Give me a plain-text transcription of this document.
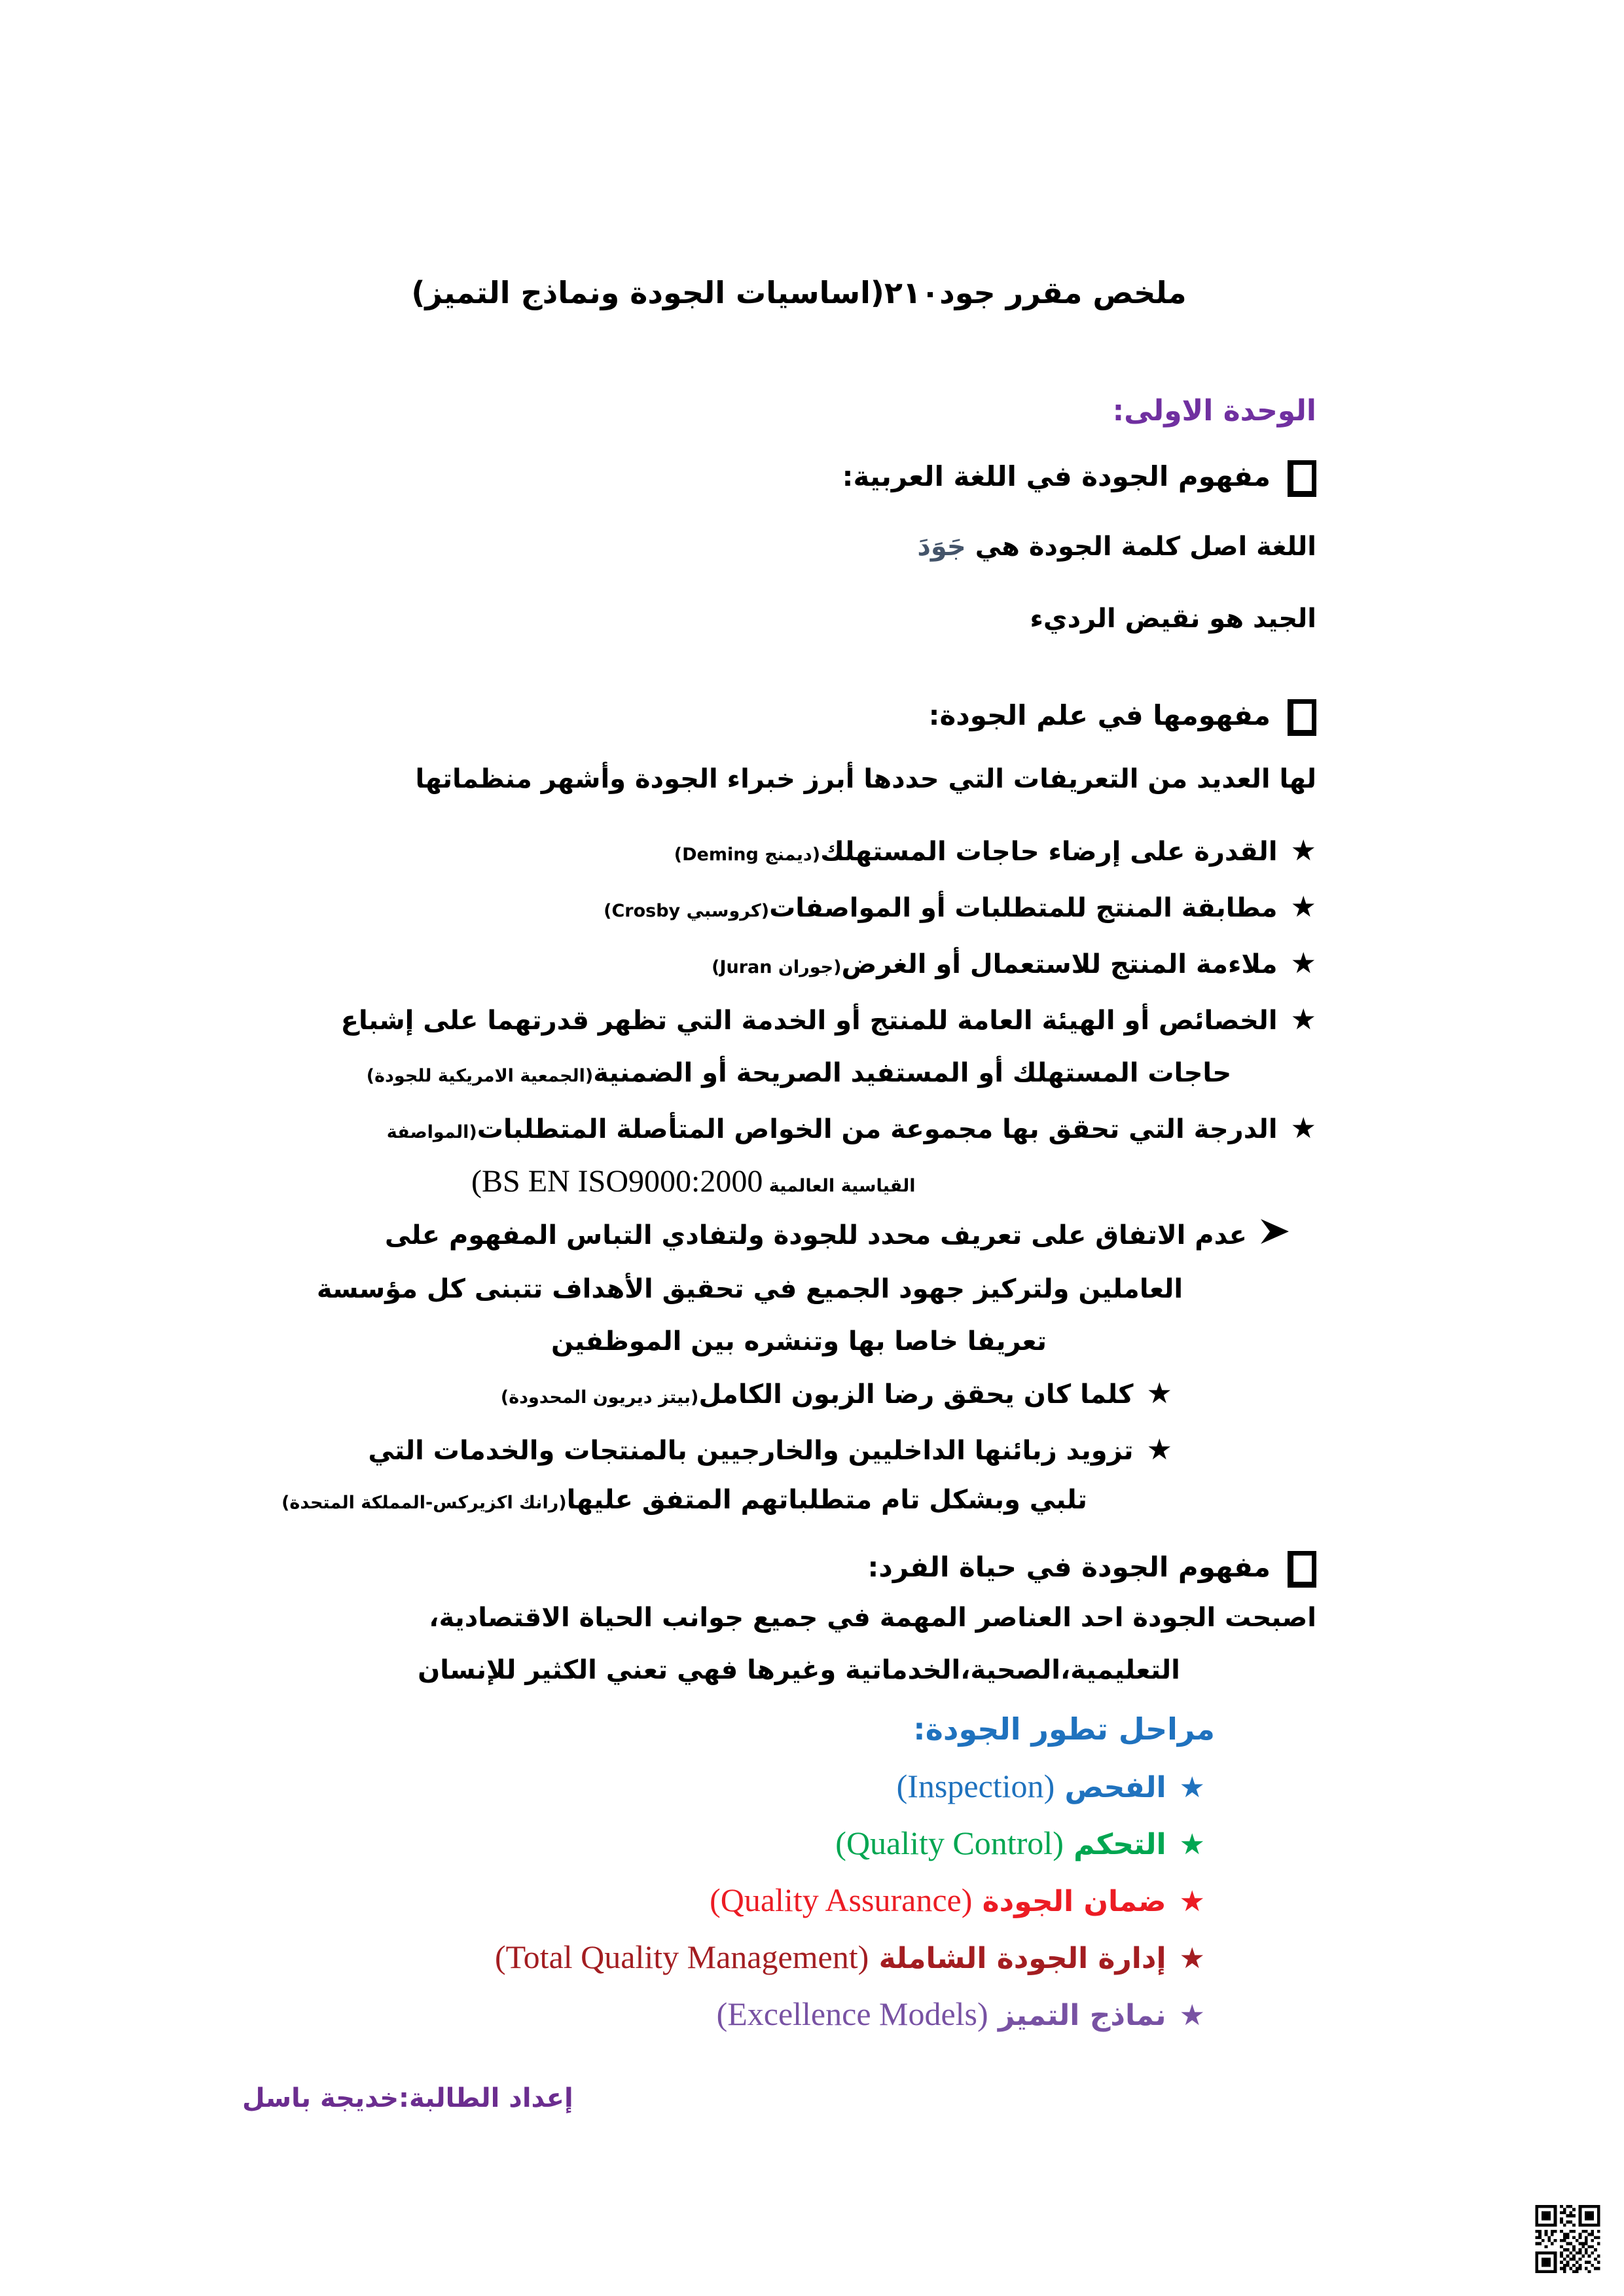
ملخص مقرر جود٢١٠(اساسيات الجودة ونماذج التميز)
الوحدة الاولى:
مفهوم الجودة في اللغة العربية:
اللغة اصل كلمة الجودة هي جَوَدَ
الجيد هو نقيض الرديء
مفهومها في علم الجودة:
لها العديد من التعريفات التي حددها أبرز خبراء الجودة وأشهر منظماتها
★القدرة على إرضاء حاجات المستهلك(ديمنج Deming)
★مطابقة المنتج للمتطلبات أو المواصفات(كروسبي Crosby)
★ملاءمة المنتج للاستعمال أو الغرض(جوران Juran)
★الخصائص أو الهيئة العامة للمنتج أو الخدمة التي تظهر قدرتهما على إشباع
حاجات المستهلك أو المستفيد الصريحة أو الضمنية(الجمعية الامريكية للجودة)
★الدرجة التي تحقق بها مجموعة من الخواص المتأصلة المتطلبات(المواصفة
القياسية العالمية BS EN ISO9000:2000)
عدم الاتفاق على تعريف محدد للجودة ولتفادي التباس المفهوم على
العاملين ولتركيز جهود الجميع في تحقيق الأهداف تتبنى كل مؤسسة
تعريفا خاصا بها وتنشره بين الموظفين
★كلما كان يحقق رضا الزبون الكامل(بيتز ديريون المحدودة)
★تزويد زبائنها الداخليين والخارجيين بالمنتجات والخدمات التي
تلبي وبشكل تام متطلباتهم المتفق عليها(رانك اكزيركس-المملكة المتحدة)
مفهوم الجودة في حياة الفرد:
اصبحت الجودة احد العناصر المهمة في جميع جوانب الحياة الاقتصادية،
التعليمية،الصحية،الخدماتية وغيرها فهي تعني الكثير للإنسان
مراحل تطور الجودة:
★الفحص (Inspection)
★التحكم (Quality Control)
★ضمان الجودة (Quality Assurance)
★إدارة الجودة الشاملة (Total Quality Management)
★نماذج التميز (Excellence Models)
إعداد الطالبة:خديجة باسل
